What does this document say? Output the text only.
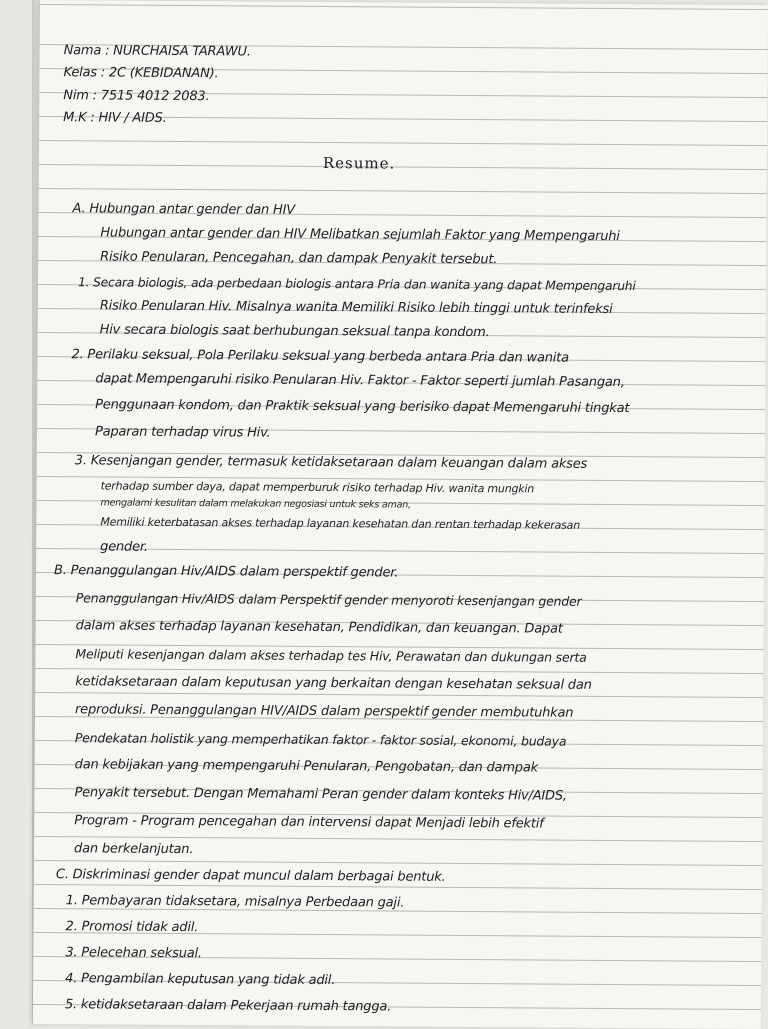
Nama : NURCHAISA TARAWU.
Kelas : 2C (KEBIDANAN).
Nim : 7515 4012 2083.
M.K : HIV / AIDS.
Resume.
A. Hubungan antar gender dan HIV
Hubungan antar gender dan HIV Melibatkan sejumlah Faktor yang Mempengaruhi
Risiko Penularan, Pencegahan, dan dampak Penyakit tersebut.
1. Secara biologis, ada perbedaan biologis antara Pria dan wanita yang dapat Mempengaruhi
Risiko Penularan Hiv. Misalnya wanita Memiliki Risiko lebih tinggi untuk terinfeksi
Hiv secara biologis saat berhubungan seksual tanpa kondom.
2. Perilaku seksual, Pola Perilaku seksual yang berbeda antara Pria dan wanita
dapat Mempengaruhi risiko Penularan Hiv. Faktor - Faktor seperti jumlah Pasangan,
Penggunaan kondom, dan Praktik seksual yang berisiko dapat Memengaruhi tingkat
Paparan terhadap virus Hiv.
3. Kesenjangan gender, termasuk ketidaksetaraan dalam keuangan dalam akses
terhadap sumber daya, dapat memperburuk risiko terhadap Hiv. wanita mungkin
mengalami kesulitan dalam melakukan negosiasi untuk seks aman,
Memiliki keterbatasan akses terhadap layanan kesehatan dan rentan terhadap kekerasan
gender.
B. Penanggulangan Hiv/AIDS dalam perspektif gender.
Penanggulangan Hiv/AIDS dalam Perspektif gender menyoroti kesenjangan gender
dalam akses terhadap layanan kesehatan, Pendidikan, dan keuangan. Dapat
Meliputi kesenjangan dalam akses terhadap tes Hiv, Perawatan dan dukungan serta
ketidaksetaraan dalam keputusan yang berkaitan dengan kesehatan seksual dan
reproduksi. Penanggulangan HIV/AIDS dalam perspektif gender membutuhkan
Pendekatan holistik yang memperhatikan faktor - faktor sosial, ekonomi, budaya
dan kebijakan yang mempengaruhi Penularan, Pengobatan, dan dampak
Penyakit tersebut. Dengan Memahami Peran gender dalam konteks Hiv/AIDS,
Program - Program pencegahan dan intervensi dapat Menjadi lebih efektif
dan berkelanjutan.
C. Diskriminasi gender dapat muncul dalam berbagai bentuk.
1. Pembayaran tidaksetara, misalnya Perbedaan gaji.
2. Promosi tidak adil.
3. Pelecehan seksual.
4. Pengambilan keputusan yang tidak adil.
5. ketidaksetaraan dalam Pekerjaan rumah tangga.
